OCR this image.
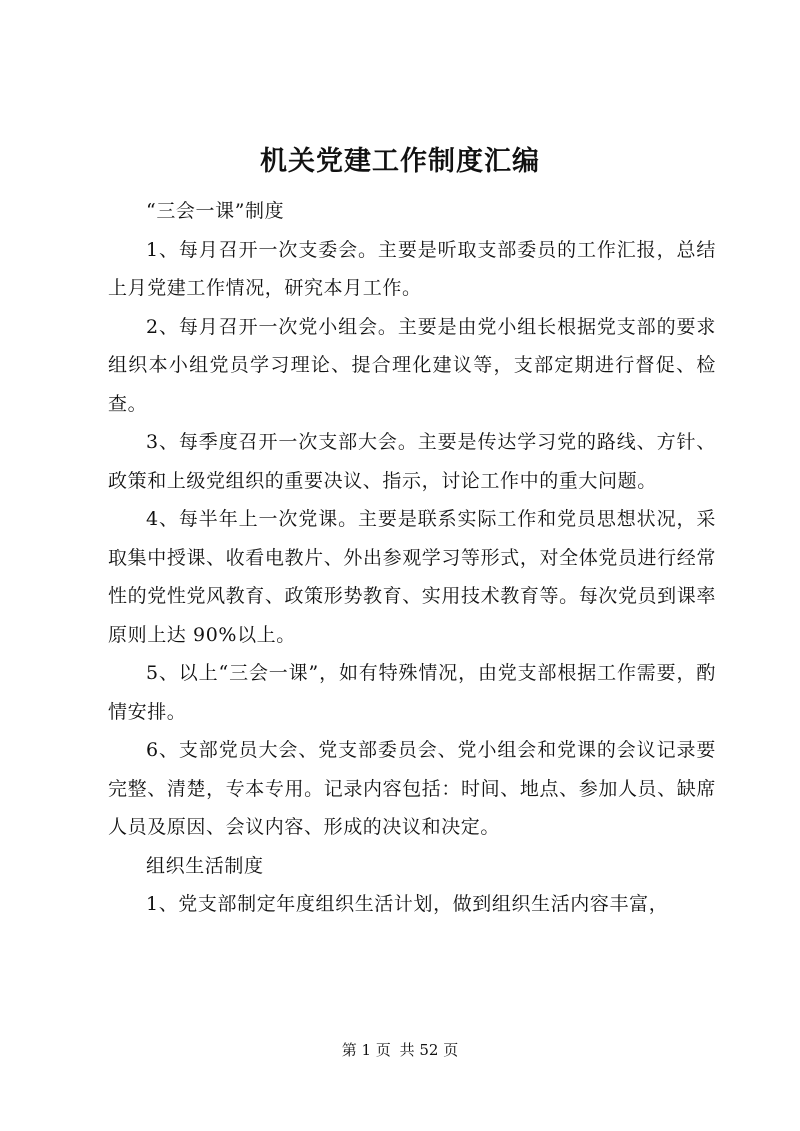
机关党建工作制度汇编

“三会一课”制度

1、每月召开一次支委会。主要是听取支部委员的工作汇报，总结上月党建工作情况，研究本月工作。

2、每月召开一次党小组会。主要是由党小组长根据党支部的要求组织本小组党员学习理论、提合理化建议等，支部定期进行督促、检查。

3、每季度召开一次支部大会。主要是传达学习党的路线、方针、政策和上级党组织的重要决议、指示，讨论工作中的重大问题。

4、每半年上一次党课。主要是联系实际工作和党员思想状况，采取集中授课、收看电教片、外出参观学习等形式，对全体党员进行经常性的党性党风教育、政策形势教育、实用技术教育等。每次党员到课率原则上达 90%以上。

5、以上“三会一课”，如有特殊情况，由党支部根据工作需要，酌情安排。

6、支部党员大会、党支部委员会、党小组会和党课的会议记录要完整、清楚，专本专用。记录内容包括：时间、地点、参加人员、缺席人员及原因、会议内容、形成的决议和决定。

组织生活制度

1、党支部制定年度组织生活计划，做到组织生活内容丰富，

第 1 页 共 52 页
